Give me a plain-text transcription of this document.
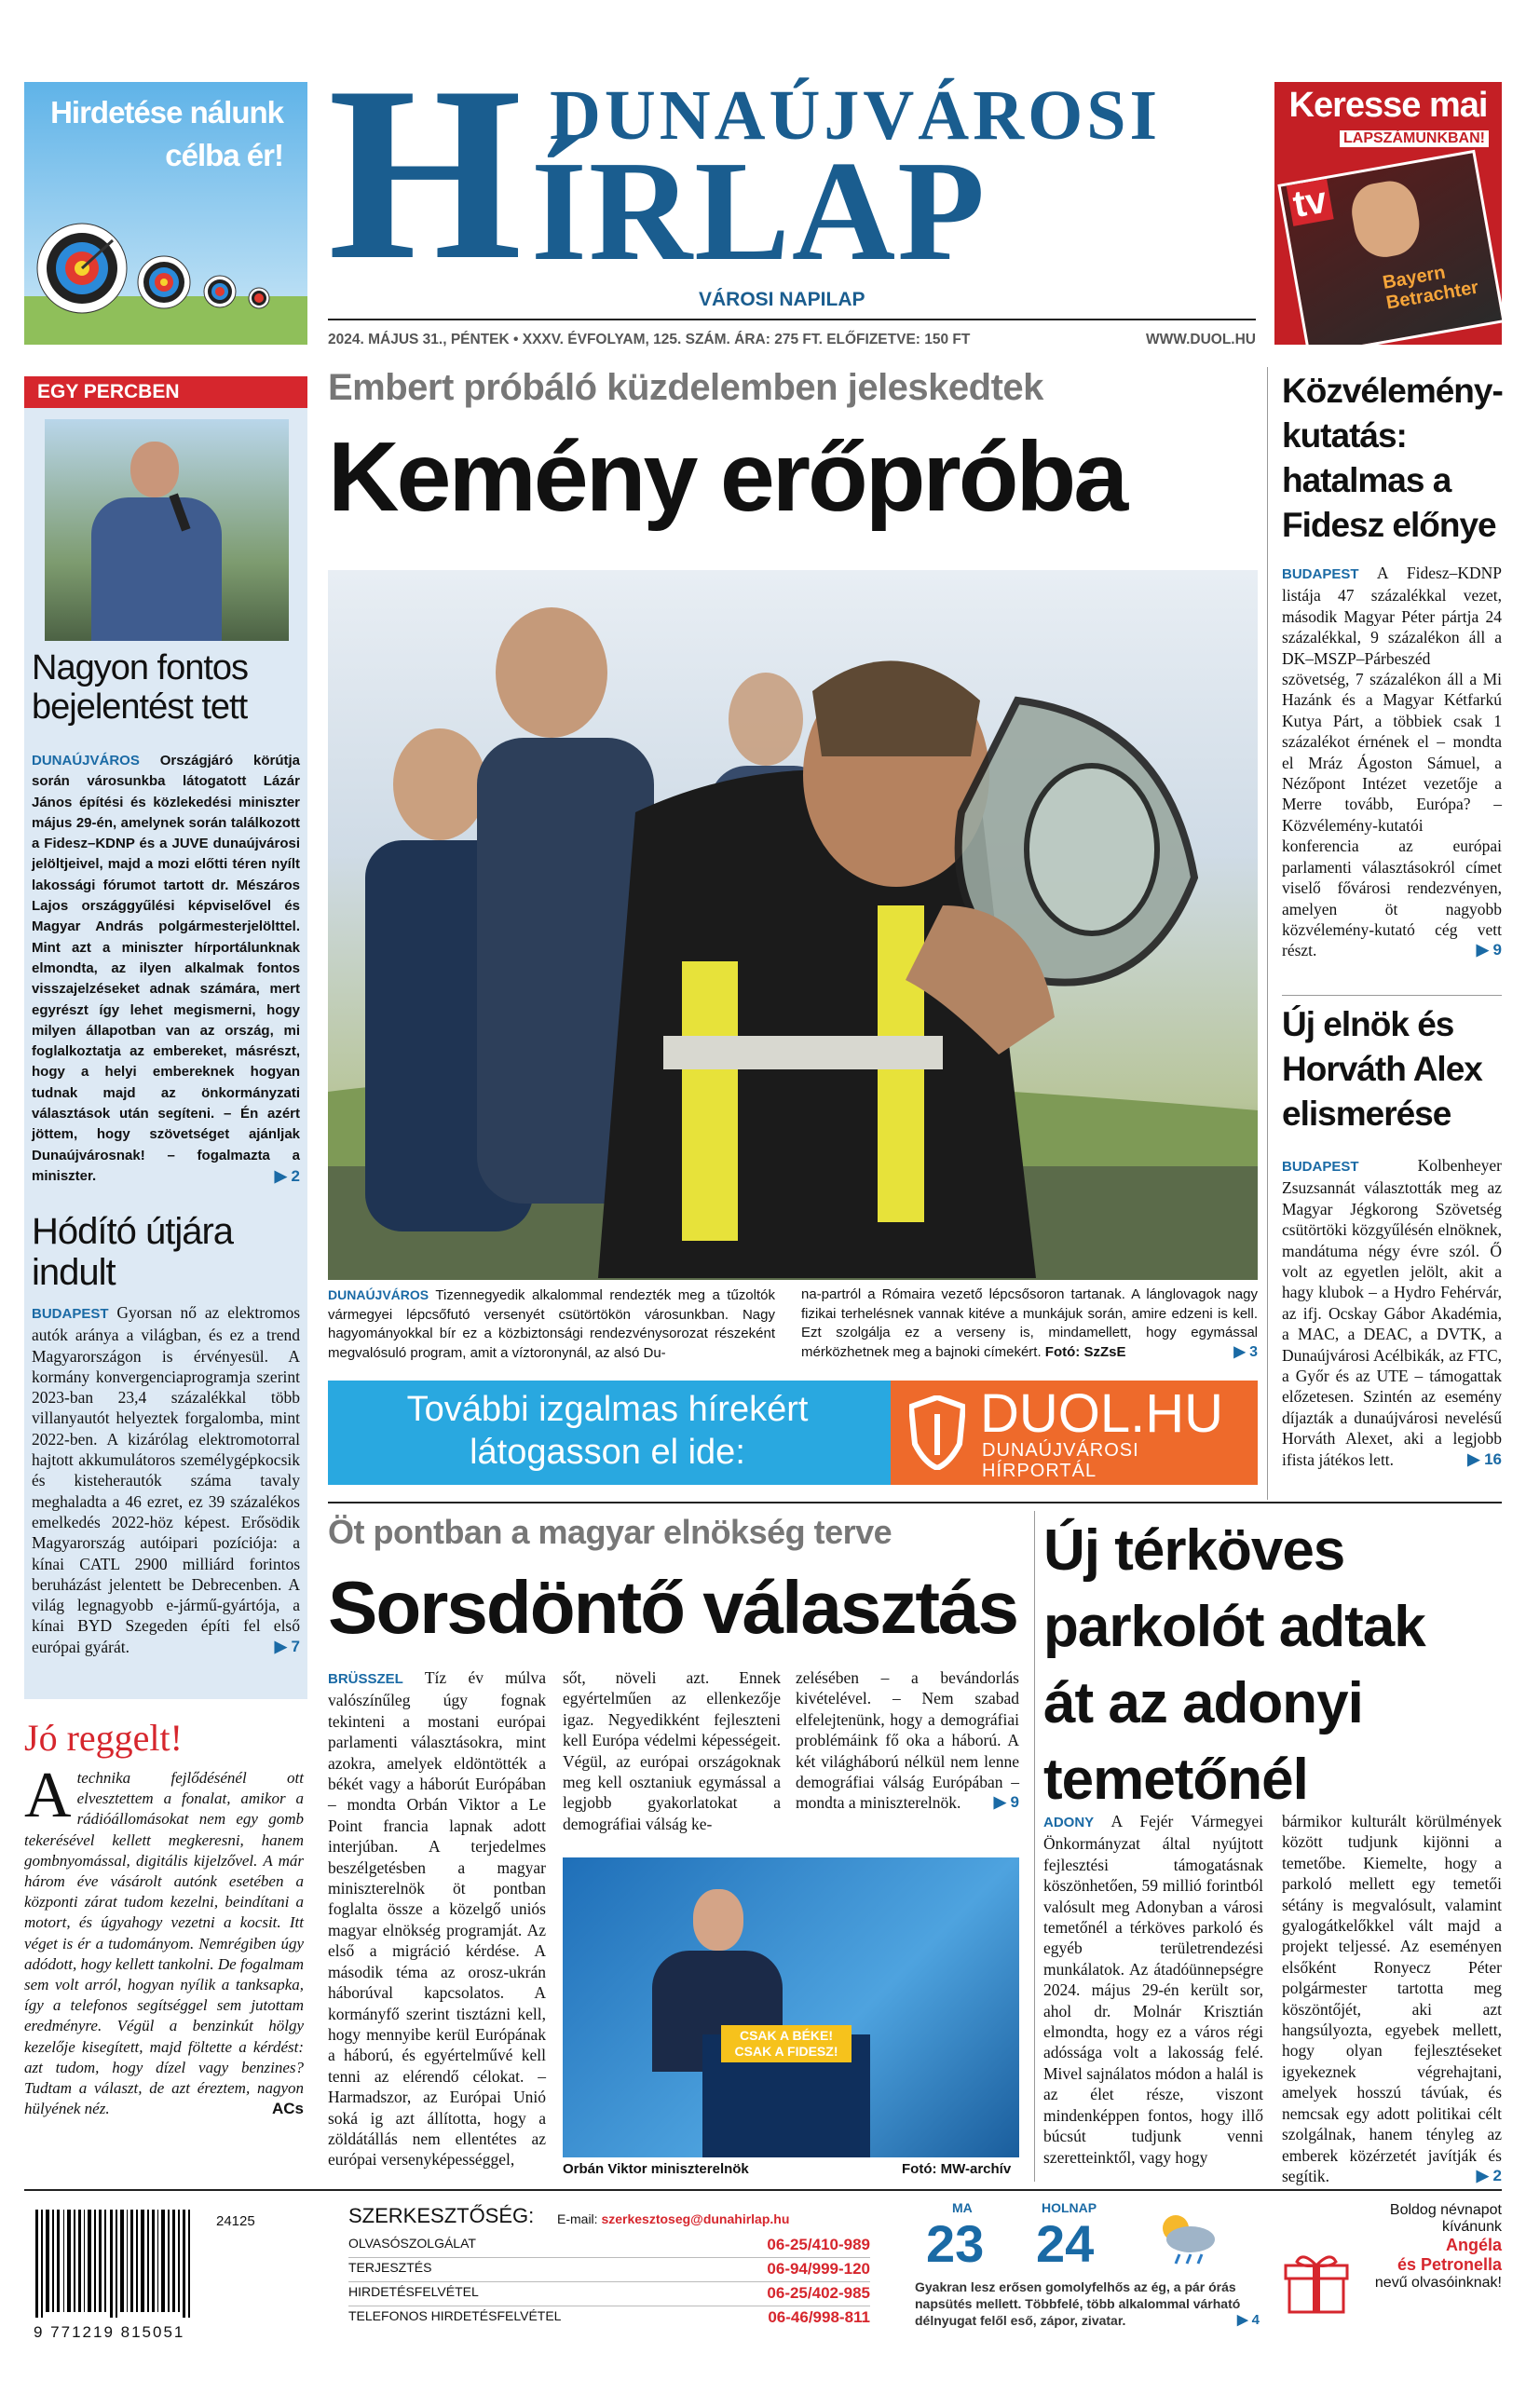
Hirdetése nálunk
célba ér! H DUNAÚJVÁROSI
ÍRLAP
VÁROSI NAPILAP
2024. MÁJUS 31., PÉNTEK • XXXV. ÉVFOLYAM, 125. SZÁM. ÁRA: 275 FT. ELŐFIZETVE: 150 FT	WWW.DUOL.HU
Keresse mai
LAPSZÁMUNKBAN!
tv
Bayern Betrachter
EGY PERCBEN
Nagyon fontos bejelentést tett
DUNAÚJVÁROS Országjáró körútja során városunkba látogatott Lázár János építési és közlekedési miniszter május 29-én, amelynek során találkozott a Fidesz–KDNP és a JUVE dunaújvárosi jelöltjeivel, majd a mozi előtti téren nyílt lakossági fórumot tartott dr. Mészáros Lajos országgyűlési képviselővel és Magyar András polgármesterjelölttel. Mint azt a miniszter hírportálunknak elmondta, az ilyen alkalmak fontos visszajelzéseket adnak számára, mert egyrészt így lehet megismerni, hogy milyen állapotban van az ország, mi foglalkoztatja az embereket, másrészt, hogy a helyi embereknek hogyan tudnak majd az önkormányzati választások után segíteni. – Én azért jöttem, hogy szövetséget ajánljak Dunaújvárosnak! – fogalmazta a miniszter.	▶ 2
Hódító útjára indult
BUDAPEST Gyorsan nő az elektromos autók aránya a világban, és ez a trend Magyarországon is érvényesül. A kormány konvergenciaprogramja szerint 2023-ban 23,4 százalékkal több villanyautót helyeztek forgalomba, mint 2022-ben. A kizárólag elektromotorral hajtott akkumulátoros személygépkocsik és kisteherautók száma tavaly meghaladta a 46 ezret, ez 39 százalékos emelkedés 2022-höz képest. Erősödik Magyarország autóipari pozíciója: a kínai CATL 2900 milliárd forintos beruházást jelentett be Debrecenben. A világ legnagyobb e-jármű-gyártója, a kínai BYD Szegeden építi fel első európai gyárát.	▶ 7
Jó reggelt!
A technika fejlődésénél ott elvesztettem a fonalat, amikor a rádióállomásokat nem egy gomb tekerésével kellett megkeresni, hanem gombnyomással, digitális kijelzővel. A már három éve vásárolt autónk esetében a központi zárat tudom kezelni, beindítani a motort, és úgyahogy vezetni a kocsit. Itt véget is ér a tudományom. Nemrégiben úgy adódott, hogy kellett tankolni. De fogalmam sem volt arról, hogyan nyílik a tanksapka, így a telefonos segítséggel sem jutottam eredményre. Végül a benzinkút hölgy kezelője kisegített, majd föltette a kérdést: azt tudom, hogy dízel vagy benzines? Tudtam a választ, de azt éreztem, nagyon hülyének néz.	ACs
Embert próbáló küzdelemben jeleskedtek
Kemény erőpróba
DUNAÚJVÁROS Tizennegyedik alkalommal rendezték meg a tűzoltók vármegyei lépcsőfutó versenyét csütörtökön városunkban. Nagy hagyományokkal bír ez a közbiztonsági rendezvénysorozat részeként megvalósuló program, amit a víztoronynál, az alsó Du-
na-partról a Rómaira vezető lépcsősoron tartanak. A lánglovagok nagy fizikai terhelésnek vannak kitéve a munkájuk során, amire edzeni is kell. Ezt szolgálja ez a verseny is, mindamellett, hogy egymással mérközhetnek meg a bajnoki címekért. Fotó: SzZsE	▶ 3
További izgalmas hírekért
látogasson el ide:
DUOL.HU
DUNAÚJVÁROSI
HÍRPORTÁL
Közvélemény-kutatás: hatalmas a Fidesz előnye
BUDAPEST A Fidesz–KDNP listája 47 százalékkal vezet, második Magyar Péter pártja 24 százalékkal, 9 százalékon áll a DK–MSZP–Párbeszéd szövetség, 7 százalékon áll a Mi Hazánk és a Magyar Kétfarkú Kutya Párt, a többiek csak 1 százalékot érnének el – mondta el Mráz Ágoston Sámuel, a Nézőpont Intézet vezetője a Merre tovább, Európa? – Közvélemény-kutatói konferencia az európai parlamenti választásokról címet viselő fővárosi rendezvényen, amelyen öt nagyobb közvélemény-kutató cég vett részt.	▶ 9
Új elnök és Horváth Alex elismerése
BUDAPEST	Kolbenheyer Zsuzsannát választották meg az Magyar Jégkorong Szövetség csütörtöki közgyűlésén elnöknek, mandátuma négy évre szól. Ő volt az egyetlen jelölt, akit a hagy klubok – a Hydro Fehérvár, az ifj. Ocskay Gábor Akadémia, a MAC, a DEAC, a DVTK, a Dunaújvárosi Acélbikák, az FTC, a Győr és az UTE – támogattak előzetesen. Szintén az esemény díjazták a dunaújvárosi nevelésű Horváth Alexet, aki a legjobb ifista játékos lett.	▶ 16
Öt pontban a magyar elnökség terve
Sorsdöntő választás
BRÜSSZEL Tíz év múlva valószínűleg úgy fognak tekinteni a mostani európai parlamenti választásokra, mint azokra, amelyek eldöntötték a békét vagy a háborút Európában – mondta Orbán Viktor a Le Point francia lapnak adott interjúban. A terjedelmes beszélgetésben a magyar miniszterelnök öt pontban foglalta össze a közelgő uniós magyar elnökség programját. Az első a migráció kérdése. A második téma az orosz-ukrán háborúval kapcsolatos. A kormányfő szerint tisztázni kell, hogy mennyibe kerül Európának a háború, és egyértelművé kell tenni az elérendő célokat. – Harmadszor, az Európai Unió soká ig azt állította, hogy a zöldátállás nem ellentétes az európai versenyképességgel,
sőt, növeli azt. Ennek egyértelműen az ellenkezője igaz. Negyedikként fejleszteni kell Európa védelmi képességeit. Végül, az európai országoknak meg kell osztaniuk egymással a legjobb gyakorlatokat a demográfiai válság ke-
zelésében – a bevándorlás kivételével. – Nem szabad elfelejtenünk, hogy a demográfiai problémáink fő oka a háború. A két világháború nélkül nem lenne demográfiai válság Európában – mondta a miniszterelnök. ▶ 9
CSAK A BÉKE!
CSAK A FIDESZ!
Orbán Viktor miniszterelnök	Fotó: MW-archív
Új térköves parkolót adtak át az adonyi temetőnél
ADONY A Fejér Vármegyei Önkormányzat által nyújtott fejlesztési támogatásnak köszönhetően, 59 millió forintból valósult meg Adonyban a városi temetőnél a térköves parkoló és egyéb területrendezési munkálatok. Az átadóünnepségre 2024. május 29-én került sor, ahol dr. Molnár Krisztián elmondta, hogy ez a város régi adóssága volt a lakosság felé. Mivel sajnálatos módon a halál is az élet része, viszont mindenképpen fontos, hogy illő búcsút tudjunk venni szeretteinktől, vagy hogy
bármikor kulturált körülmények között tudjunk kijönni a temetőbe. Kiemelte, hogy a parkoló mellett egy temetői sétány is megvalósult, valamint gyalogátkelőkkel vált majd a projekt teljessé. Az eseményen elsőként Ronyecz Péter polgármester tartotta meg köszöntőjét, aki azt hangsúlyozta, egyebek mellett, hogy olyan fejlesztéseket igyekeznek végrehajtani, amelyek hosszú távúak, és nemcsak egy adott politikai célt szolgálnak, hanem tényleg az emberek közérzetét javítják és segítik.	▶ 2
24125
9 771219 815051
SZERKESZTŐSÉG: E-mail: szerkesztoseg@dunahirlap.hu
OLVASÓSZOLGÁLAT	06-25/410-989
TERJESZTÉS	06-94/999-120
HIRDETÉSFELVÉTEL	06-25/402-985
TELEFONOS HIRDETÉSFELVÉTEL	06-46/998-811
MA
23
HOLNAP
24
Gyakran lesz erősen gomolyfelhős az ég, a pár órás napsütés mellett. Többfelé, több alkalommal várható délnyugat felől eső, zápor, zivatar.	▶ 4
Boldog névnapot
kívánunk
Angéla
és Petronella
nevű olvasóinknak!
